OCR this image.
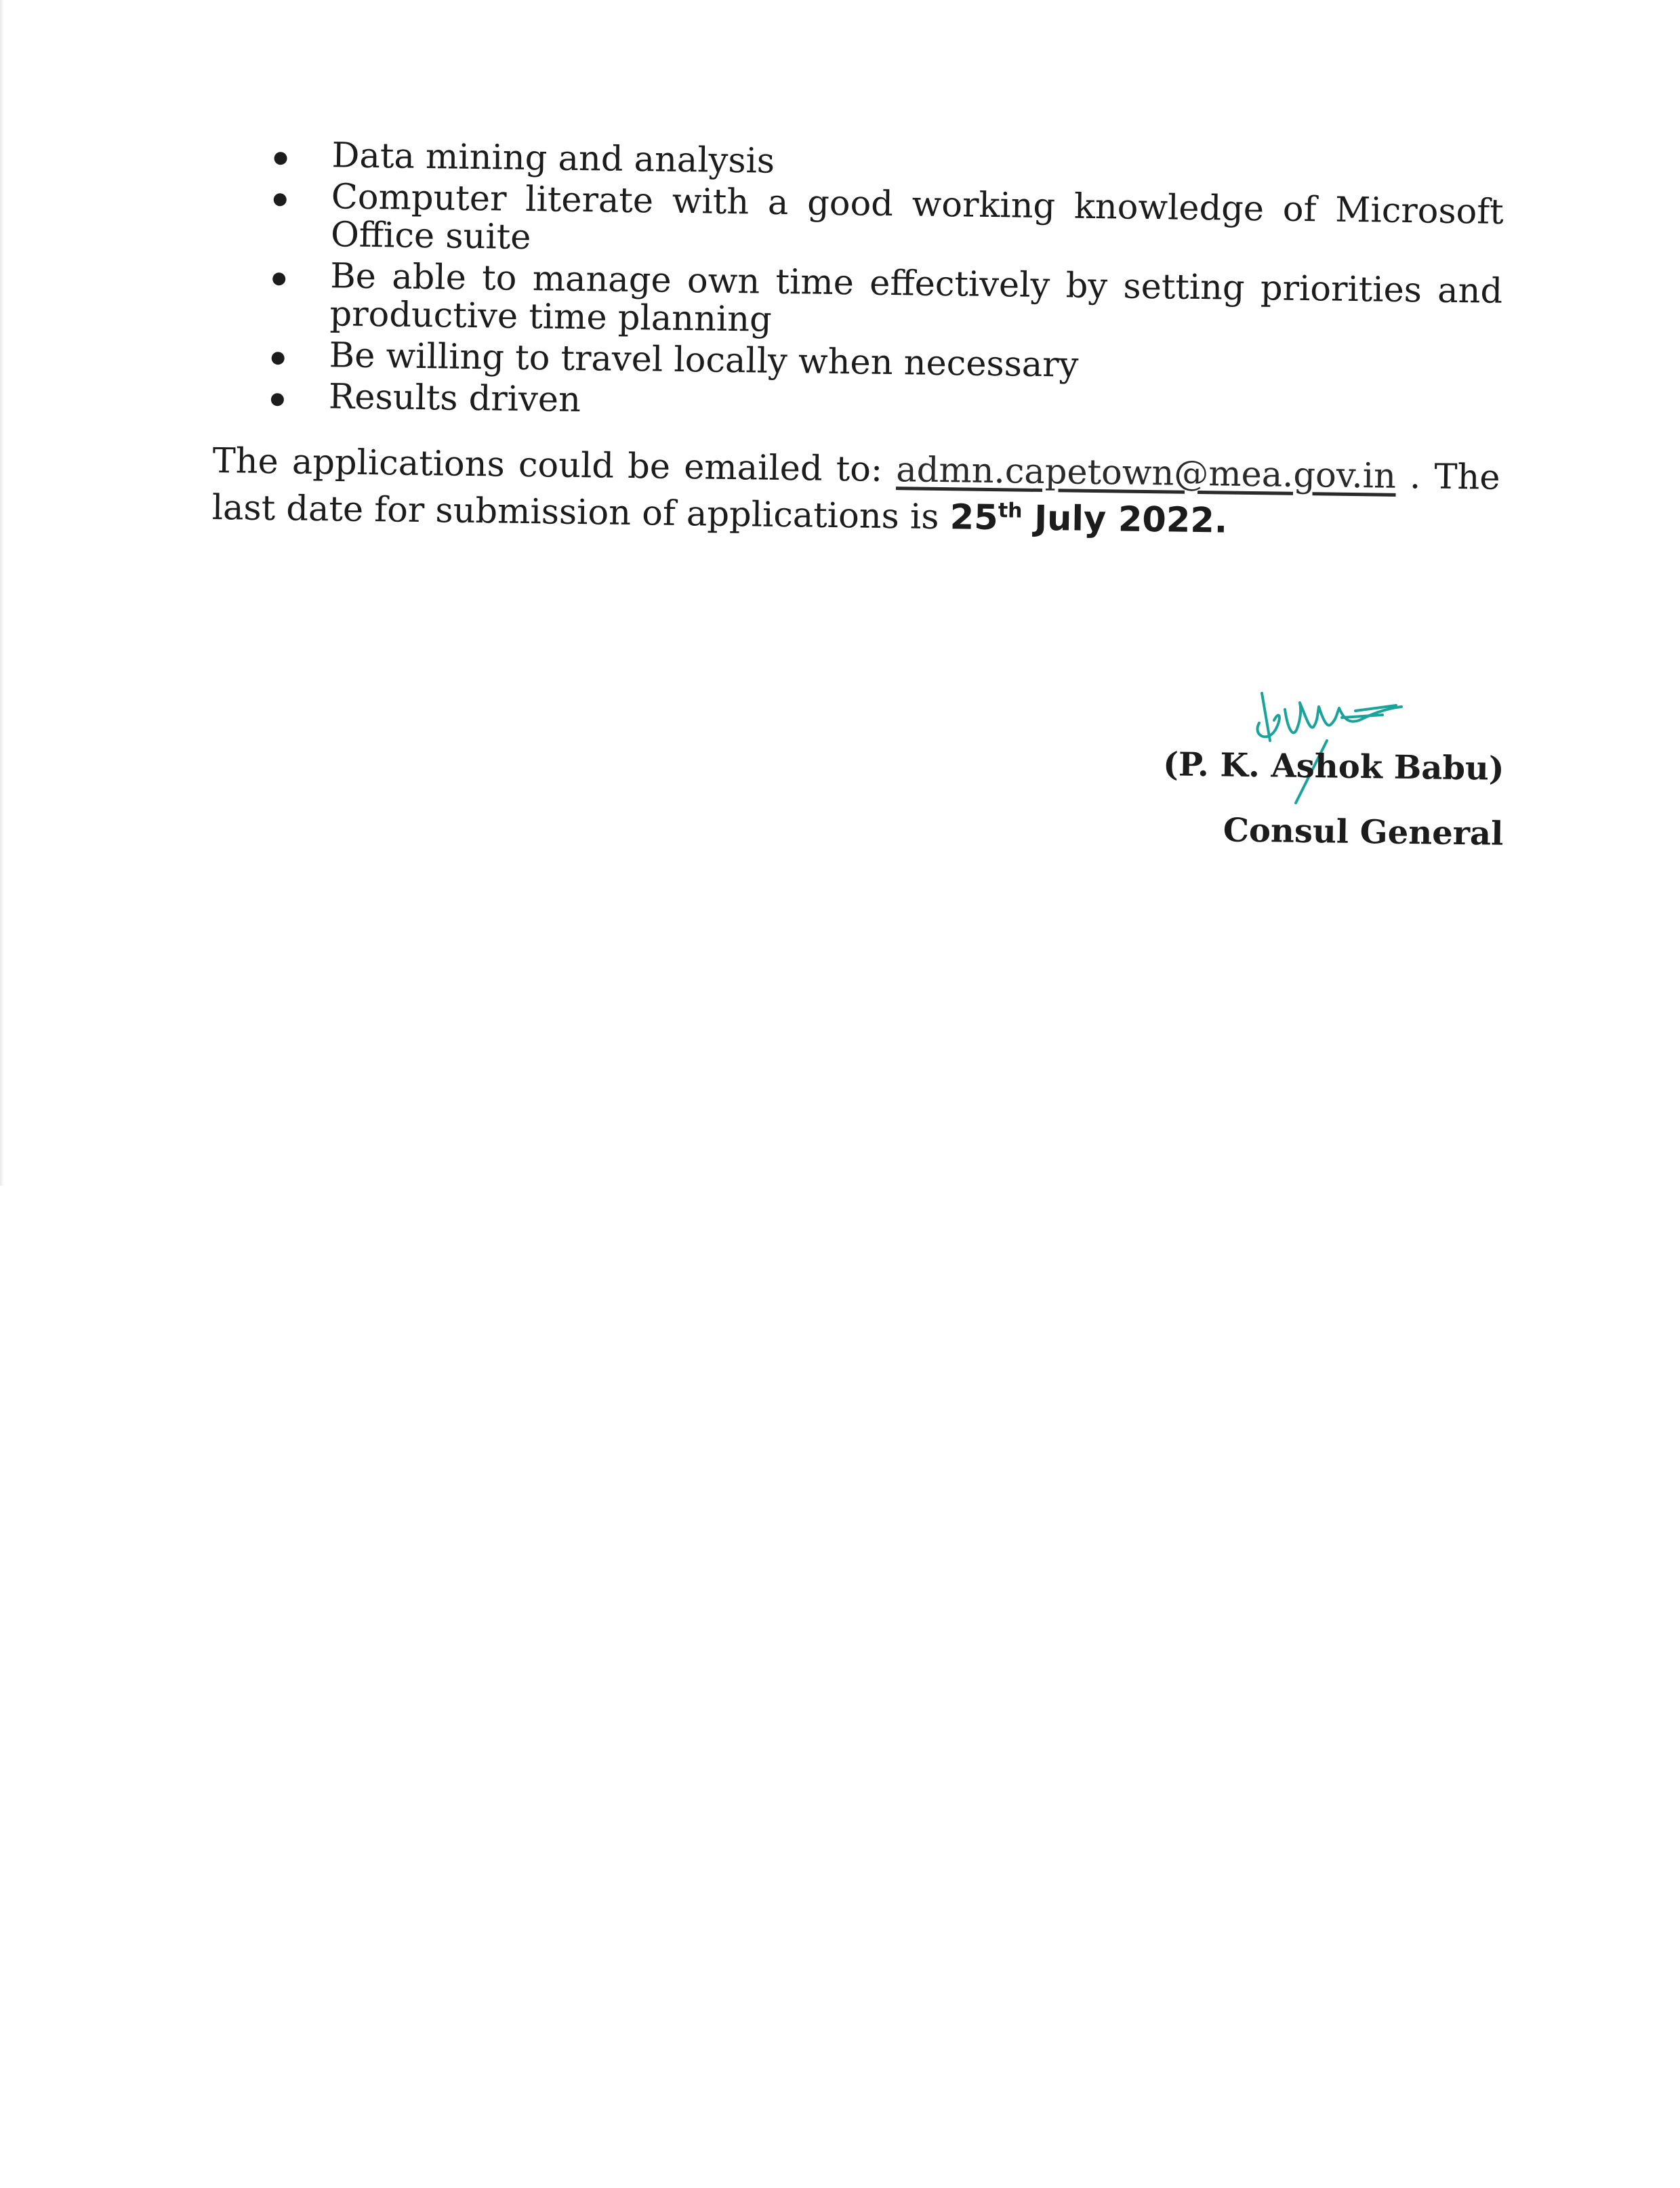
Data mining and analysis
Computer literate with a good working knowledge of Microsoft Office suite
Be able to manage own time effectively by setting priorities and productive time planning
Be willing to travel locally when necessary
Results driven

The applications could be emailed to: admn.capetown@mea.gov.in . The last date for submission of applications is 25th July 2022.

(P. K. Ashok Babu)
Consul General
